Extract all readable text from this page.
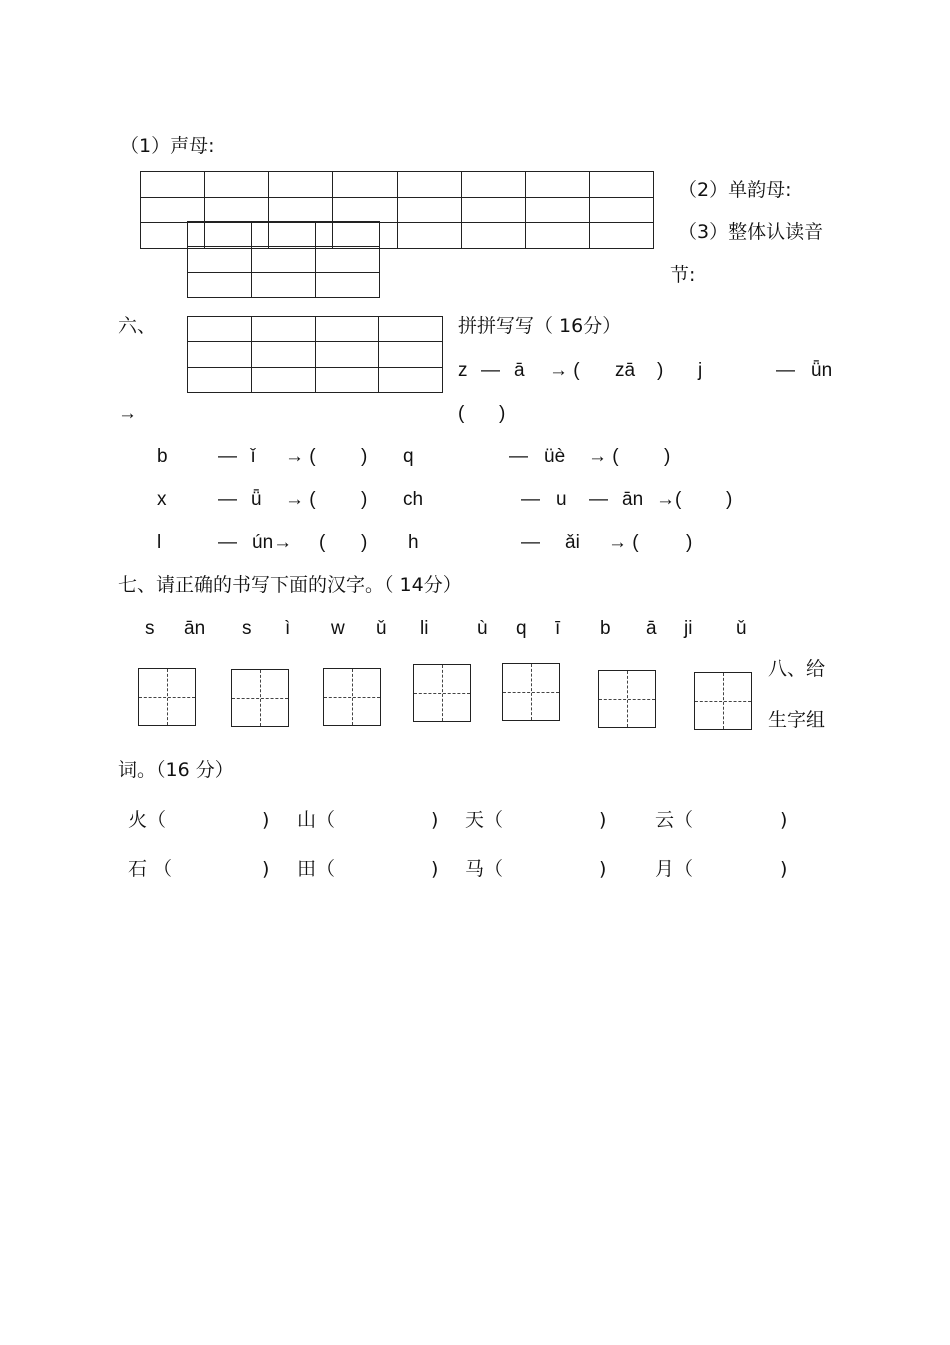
（1）声母:

（2）单韵母:
（3）整体认读音
节:
六、	拼拼写写（ 16分）
z — ā → ( zā ) j	— ǖn
→	( )
b	— ǐ → ( ) q	— üè → ( )
x	— ǖ → ( ) ch	— u — ān →( )
l	— ún→ ( ) h	— ǎi → ( )
七、请正确的书写下面的汉字。（ 14分）
s ān s ì w ǔ li	ù q ī b ā ji ǔ
八、给
生字组
词。（16 分）
火（	) 山（	) 天（	)	云（	)
石 （	) 田（	) 马（	)	月（	)
